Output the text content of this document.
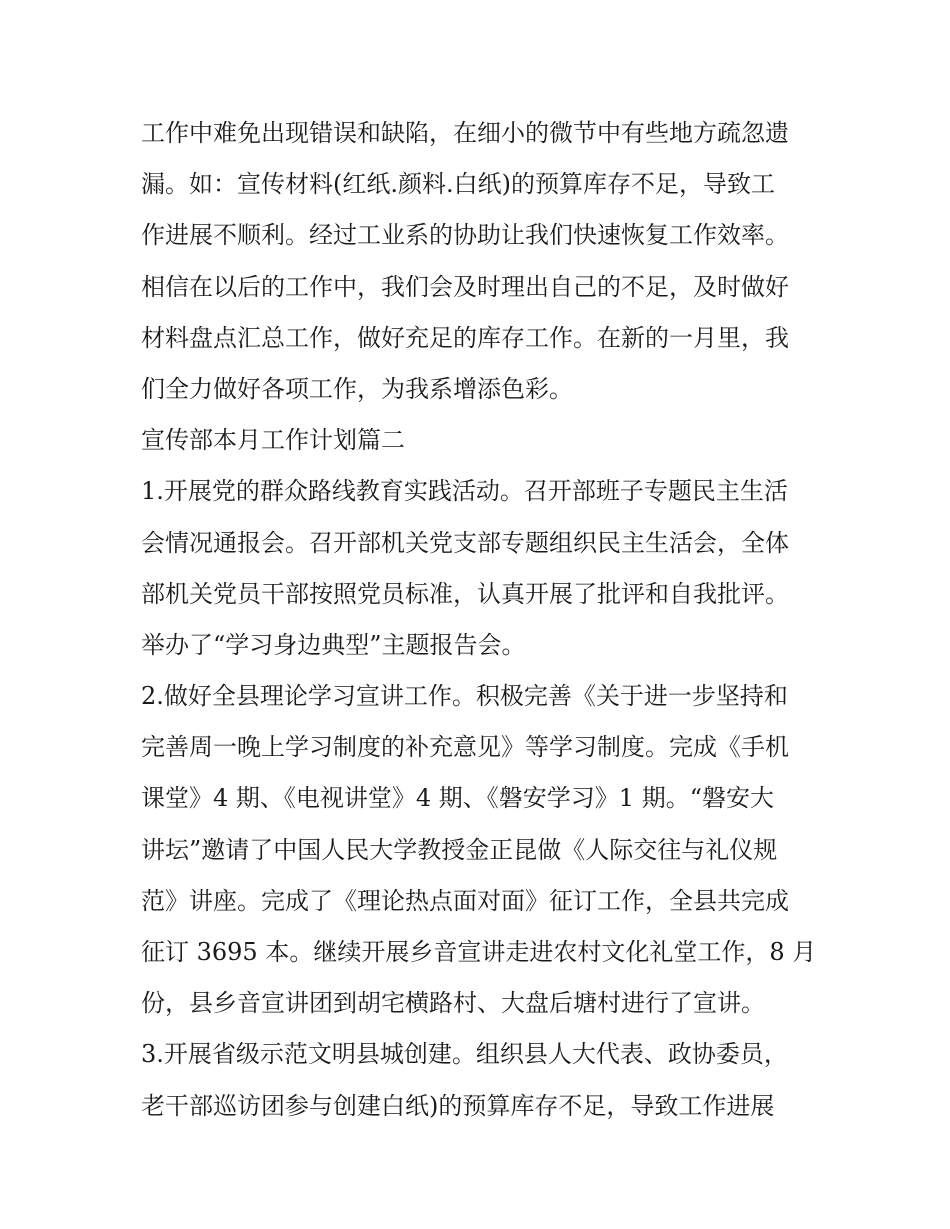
工作中难免出现错误和缺陷，在细小的微节中有些地方疏忽遗
漏。如：宣传材料(红纸.颜料.白纸)的预算库存不足，导致工
作进展不顺利。经过工业系的协助让我们快速恢复工作效率。
相信在以后的工作中，我们会及时理出自己的不足，及时做好
材料盘点汇总工作，做好充足的库存工作。在新的一月里，我
们全力做好各项工作，为我系增添色彩。
宣传部本月工作计划篇二
1.开展党的群众路线教育实践活动。召开部班子专题民主生活
会情况通报会。召开部机关党支部专题组织民主生活会，全体
部机关党员干部按照党员标准，认真开展了批评和自我批评。
举办了“学习身边典型”主题报告会。
2.做好全县理论学习宣讲工作。积极完善《关于进一步坚持和
完善周一晚上学习制度的补充意见》等学习制度。完成《手机
课堂》4 期、《电视讲堂》4 期、《磐安学习》1 期。“磐安大
讲坛”邀请了中国人民大学教授金正昆做《人际交往与礼仪规
范》讲座。完成了《理论热点面对面》征订工作，全县共完成
征订 3695 本。继续开展乡音宣讲走进农村文化礼堂工作，8 月
份，县乡音宣讲团到胡宅横路村、大盘后塘村进行了宣讲。
3.开展省级示范文明县城创建。组织县人大代表、政协委员，
老干部巡访团参与创建白纸)的预算库存不足，导致工作进展
